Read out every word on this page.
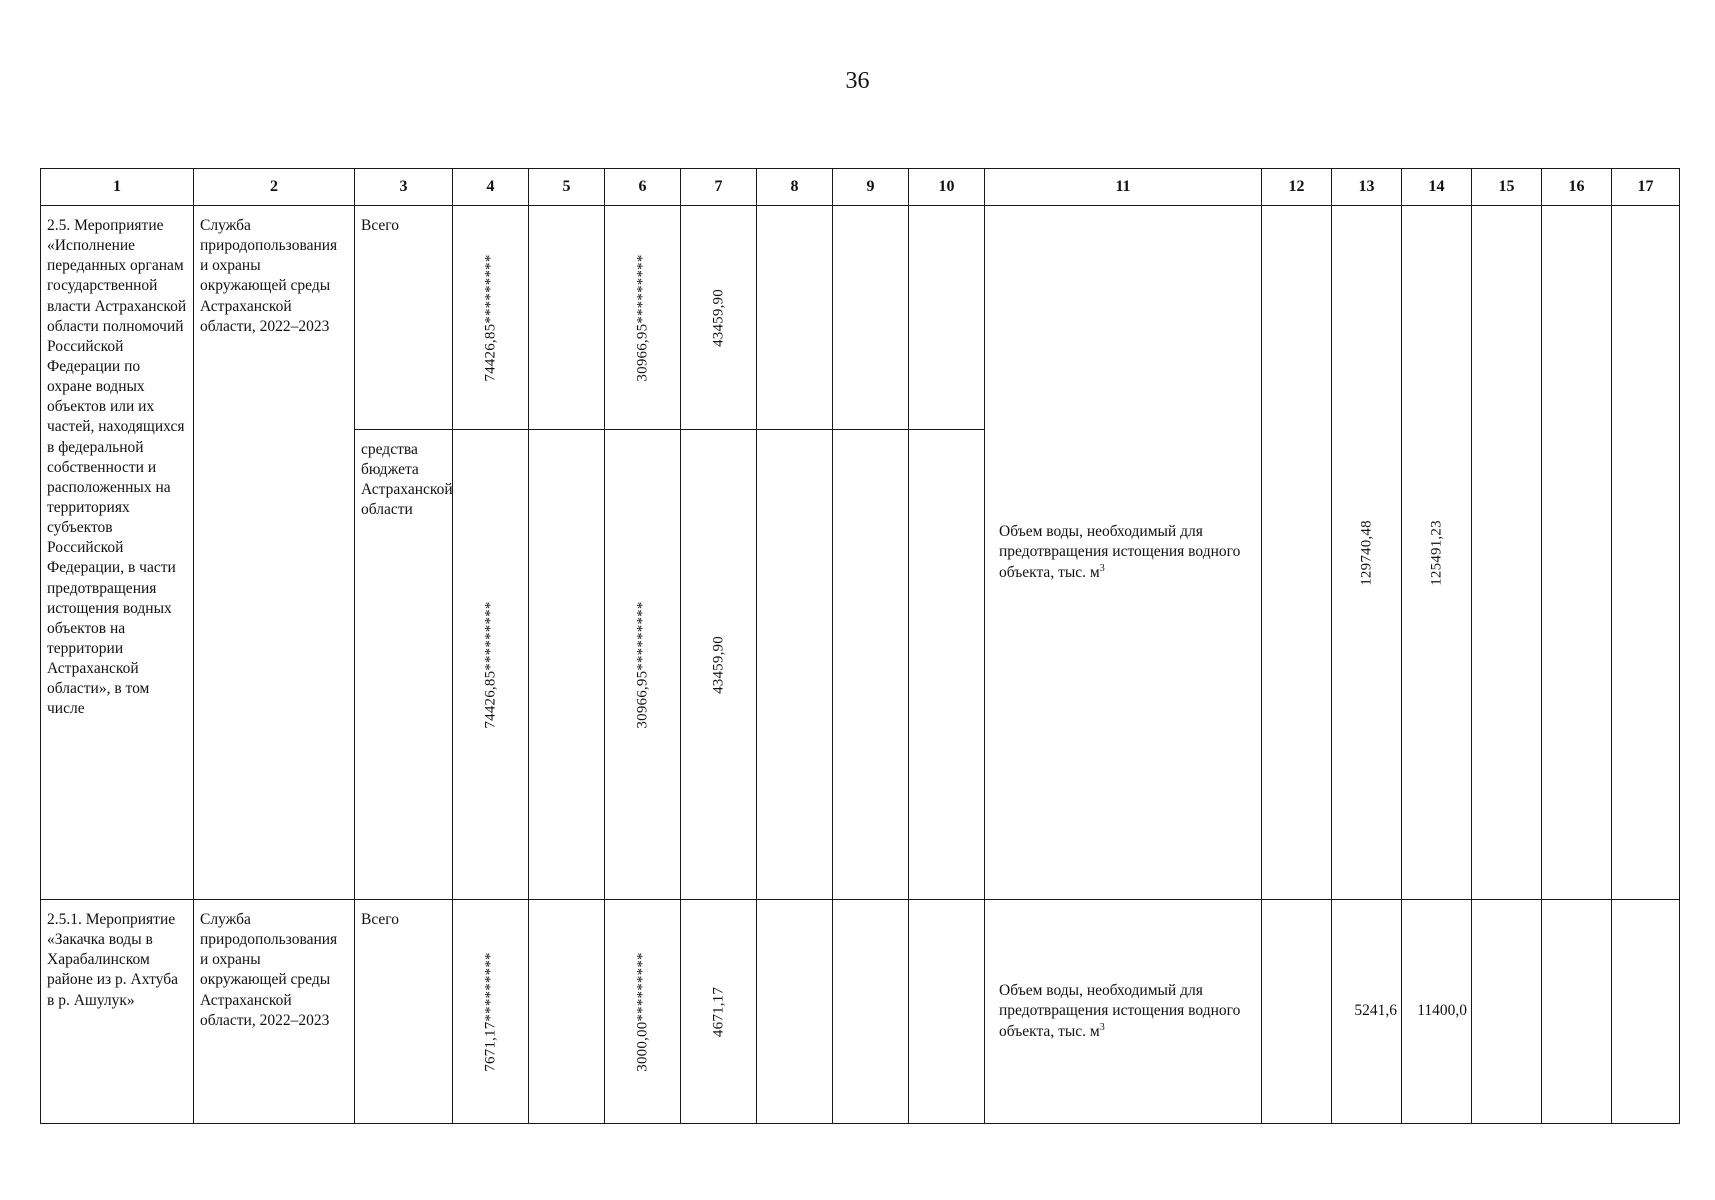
36
1	2	3	4	5	6	7	8	9	10	11	12	13	14	15	16	17

2.5. Мероприятие «Исполнение переданных органам государственной власти Астраханской области полномочий Российской Федерации по охране водных объектов или их частей, находящихся в федеральной собственности и расположенных на территориях субъектов Российской Федерации, в части предотвращения истощения водных объектов на территории Астраханской области», в том числе	Служба природопользования и охраны окружающей среды Астраханской области, 2022–2023	Всего	74426,85*********		30966,95*********	43459,90				Объем воды, необходимый для предотвращения истощения водного объекта, тыс. $м^3$		129740,48	125491,23			

		средства бюджета Астраханской области	74426,85*********		30966,95*********	43459,90										

2.5.1. Мероприятие «Закачка воды в Харабалинском районе из р. Ахтуба в р. Ашулук»	Служба природопользования и охраны окружающей среды Астраханской области, 2022–2023	Всего	7671,17*********		3000,00*********	4671,17				Объем воды, необходимый для предотвращения истощения водного объекта, тыс. $м^3$		5241,6	11400,0			
